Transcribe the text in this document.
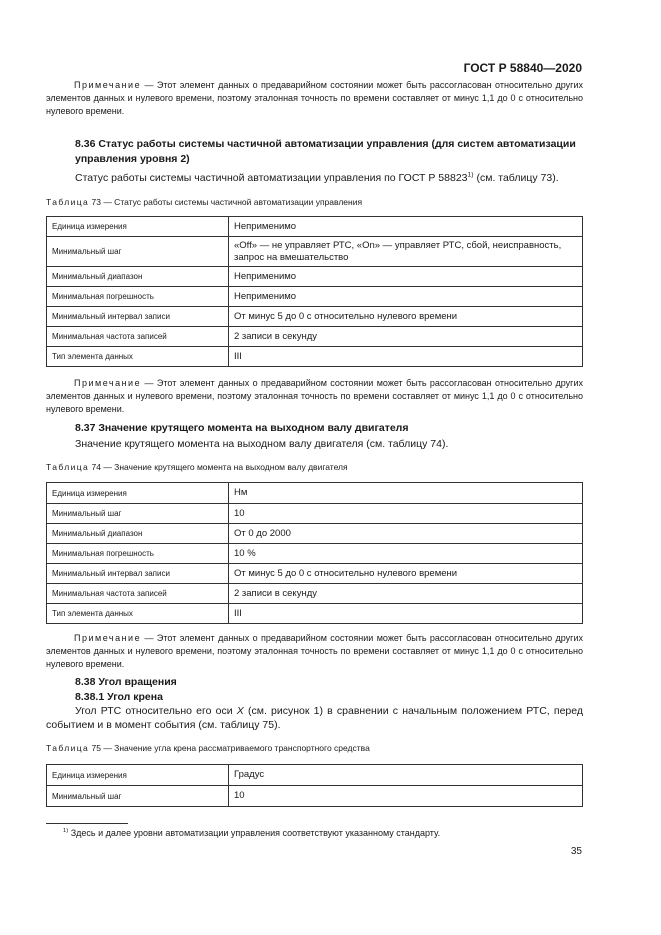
ГОСТ Р 58840—2020
Примечание — Этот элемент данных о предаварийном состоянии может быть рассогласован относительно других элементов данных и нулевого времени, поэтому эталонная точность по времени составляет от минус 1,1 до 0 с относительно нулевого времени.
8.36 Статус работы системы частичной автоматизации управления (для систем автоматизации управления уровня 2)
Статус работы системы частичной автоматизации управления по ГОСТ Р 58823$^{1)}$ (см. таблицу 73).
Таблица 73 — Статус работы системы частичной автоматизации управления
Единица измерения	Неприменимо
Минимальный шаг	«Off» — не управляет РТС, «On» — управляет РТС, сбой, неисправность, запрос на вмешательство
Минимальный диапазон	Неприменимо
Минимальная погрешность	Неприменимо
Минимальный интервал записи	От минус 5 до 0 с относительно нулевого времени
Минимальная частота записей	2 записи в секунду
Тип элемента данных	III
Примечание — Этот элемент данных о предаварийном состоянии может быть рассогласован относительно других элементов данных и нулевого времени, поэтому эталонная точность по времени составляет от минус 1,1 до 0 с относительно нулевого времени.
8.37 Значение крутящего момента на выходном валу двигателя
Значение крутящего момента на выходном валу двигателя (см. таблицу 74).
Таблица 74 — Значение крутящего момента на выходном валу двигателя
Единица измерения	Нм
Минимальный шаг	10
Минимальный диапазон	От 0 до 2000
Минимальная погрешность	10 %
Минимальный интервал записи	От минус 5 до 0 с относительно нулевого времени
Минимальная частота записей	2 записи в секунду
Тип элемента данных	III
Примечание — Этот элемент данных о предаварийном состоянии может быть рассогласован относительно других элементов данных и нулевого времени, поэтому эталонная точность по времени составляет от минус 1,1 до 0 с относительно нулевого времени.
8.38 Угол вращения
8.38.1 Угол крена
Угол РТС относительно его оси X (см. рисунок 1) в сравнении с начальным положением РТС, перед событием и в момент события (см. таблицу 75).
Таблица 75 — Значение угла крена рассматриваемого транспортного средства
Единица измерения	Градус
Минимальный шаг	10
$^{1)}$ Здесь и далее уровни автоматизации управления соответствуют указанному стандарту.
35
